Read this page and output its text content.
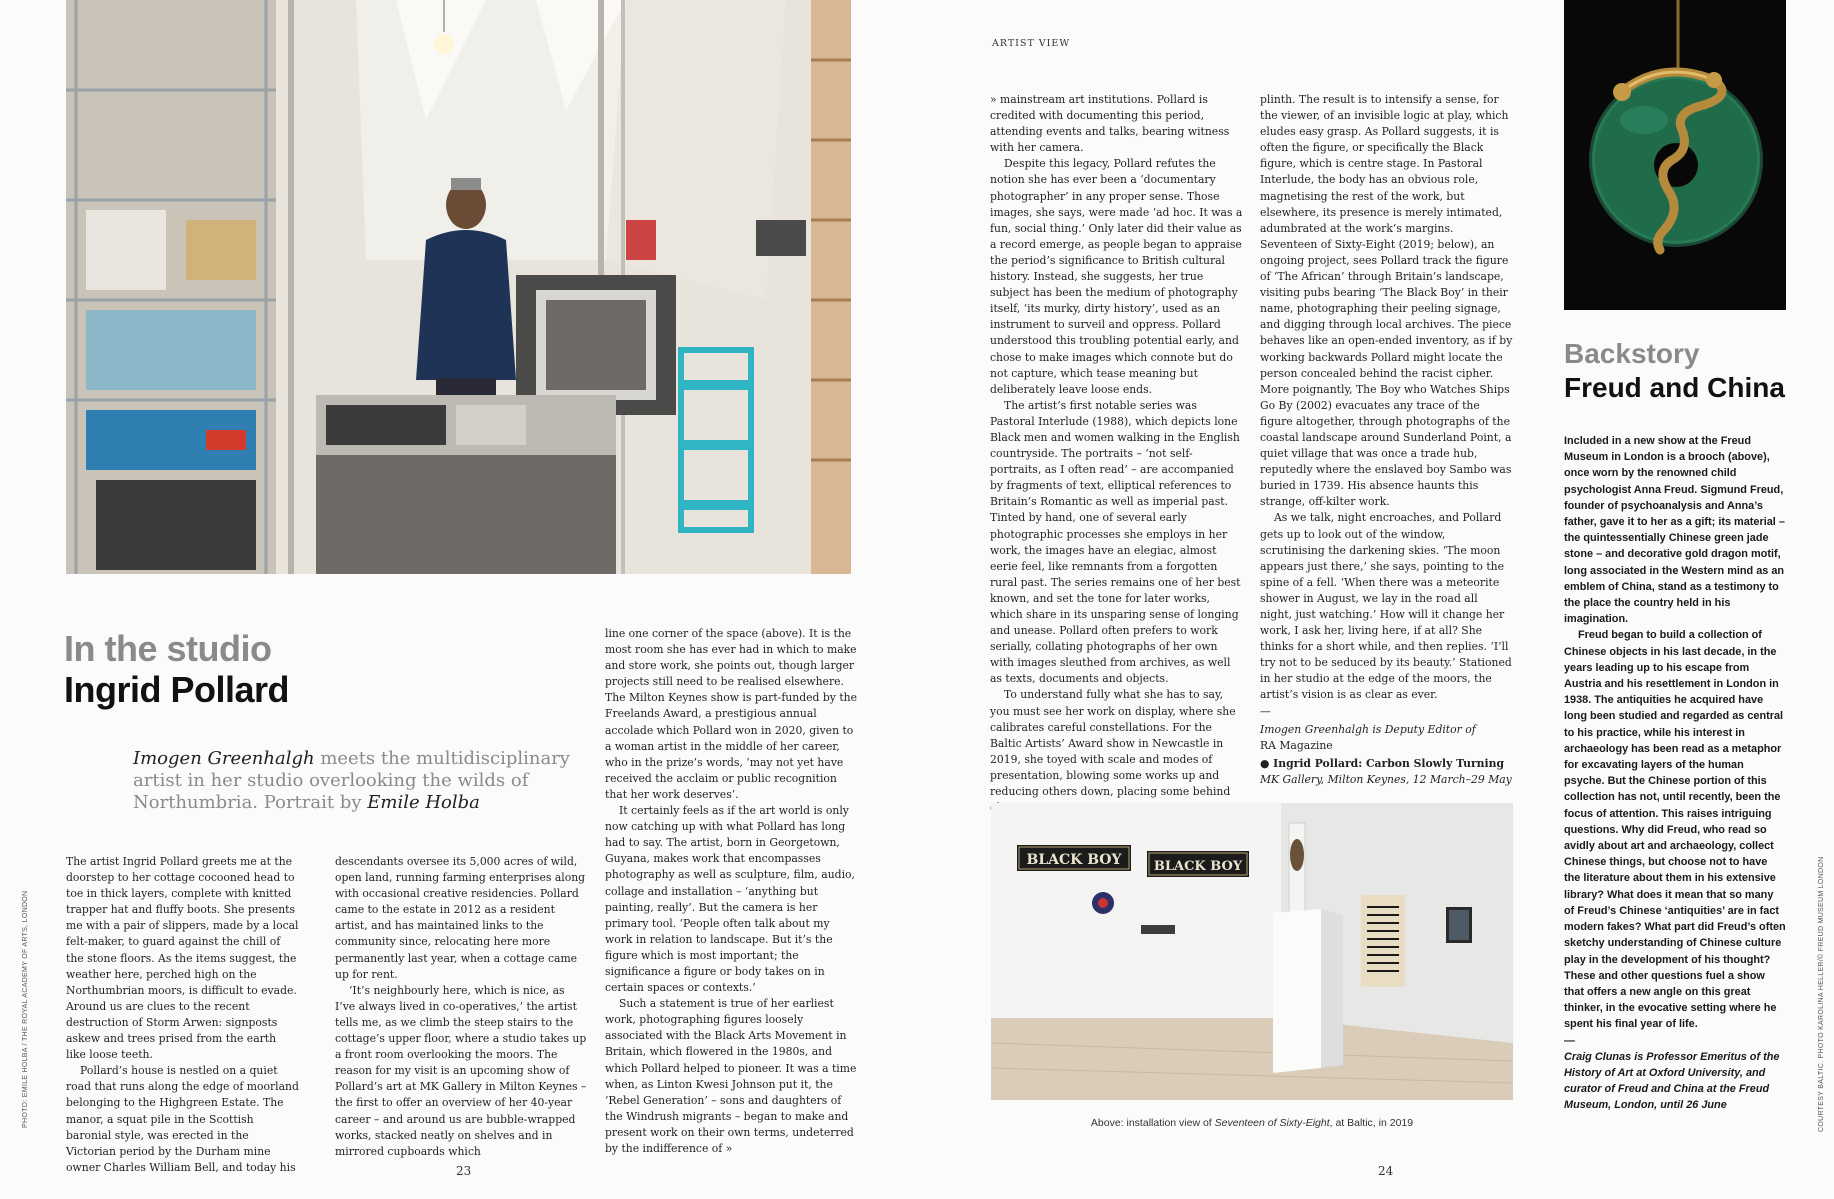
In the studio
Ingrid Pollard
Imogen Greenhalgh meets the multidisciplinary artist in her studio overlooking the wilds of Northumbria. Portrait by Emile Holba

The artist Ingrid Pollard greets me at the doorstep to her cottage cocooned head to toe in thick layers, complete with knitted trapper hat and fluffy boots. She presents me with a pair of slippers, made by a local felt-maker, to guard against the chill of the stone floors. As the items suggest, the weather here, perched high on the Northumbrian moors, is difficult to evade. Around us are clues to the recent destruction of Storm Arwen: signposts askew and trees prised from the earth like loose teeth.

Pollard’s house is nestled on a quiet road that runs along the edge of moorland belonging to the Highgreen Estate. The manor, a squat pile in the Scottish baronial style, was erected in the Victorian period by the Durham mine owner Charles William Bell, and today his

descendants oversee its 5,000 acres of wild, open land, running farming enterprises along with occasional creative residencies. Pollard came to the estate in 2012 as a resident artist, and has maintained links to the community since, relocating here more permanently last year, when a cottage came up for rent.

‘It’s neighbourly here, which is nice, as I’ve always lived in co-operatives,’ the artist tells me, as we climb the steep stairs to the cottage’s upper floor, where a studio takes up a front room overlooking the moors. The reason for my visit is an upcoming show of Pollard’s art at MK Gallery in Milton Keynes – the first to offer an overview of her 40-year career – and around us are bubble-wrapped works, stacked neatly on shelves and in mirrored cupboards which

line one corner of the space (above). It is the most room she has ever had in which to make and store work, she points out, though larger projects still need to be realised elsewhere. The Milton Keynes show is part-funded by the Freelands Award, a prestigious annual accolade which Pollard won in 2020, given to a woman artist in the middle of her career, who in the prize’s words, ‘may not yet have received the acclaim or public recognition that her work deserves’.

It certainly feels as if the art world is only now catching up with what Pollard has long had to say. The artist, born in Georgetown, Guyana, makes work that encompasses photography as well as sculpture, film, audio, collage and installation – ‘anything but painting, really’. But the camera is her primary tool. ‘People often talk about my work in relation to landscape. But it’s the figure which is most important; the significance a figure or body takes on in certain spaces or contexts.’

Such a statement is true of her earliest work, photographing figures loosely associated with the Black Arts Movement in Britain, which flowered in the 1980s, and which Pollard helped to pioneer. It was a time when, as Linton Kwesi Johnson put it, the ‘Rebel Generation’ – sons and daughters of the Windrush migrants – began to make and present work on their own terms, undeterred by the indifference of »

PHOTO: EMILE HOLBA / THE ROYAL ACADEMY OF ARTS, LONDON
23
ARTIST VIEW

» mainstream art institutions. Pollard is credited with documenting this period, attending events and talks, bearing witness with her camera.

Despite this legacy, Pollard refutes the notion she has ever been a ‘documentary photographer’ in any proper sense. Those images, she says, were made ‘ad hoc. It was a fun, social thing.’ Only later did their value as a record emerge, as people began to appraise the period’s significance to British cultural history. Instead, she suggests, her true subject has been the medium of photography itself, ‘its murky, dirty history’, used as an instrument to surveil and oppress. Pollard understood this troubling potential early, and chose to make images which connote but do not capture, which tease meaning but deliberately leave loose ends.

The artist’s first notable series was Pastoral Interlude (1988), which depicts lone Black men and women walking in the English countryside. The portraits – ‘not self-portraits, as I often read’ – are accompanied by fragments of text, elliptical references to Britain’s Romantic as well as imperial past. Tinted by hand, one of several early photographic processes she employs in her work, the images have an elegiac, almost eerie feel, like remnants from a forgotten rural past. The series remains one of her best known, and set the tone for later works, which share in its unsparing sense of longing and unease. Pollard often prefers to work serially, collating photographs of her own with images sleuthed from archives, as well as texts, documents and objects.

To understand fully what she has to say, you must see her work on display, where she calibrates careful constellations. For the Baltic Artists’ Award show in Newcastle in 2019, she toyed with scale and modes of presentation, blowing some works up and reducing others down, placing some behind

plinth. The result is to intensify a sense, for the viewer, of an invisible logic at play, which eludes easy grasp. As Pollard suggests, it is often the figure, or specifically the Black figure, which is centre stage. In Pastoral Interlude, the body has an obvious role, magnetising the rest of the work, but elsewhere, its presence is merely intimated, adumbrated at the work’s margins. Seventeen of Sixty-Eight (2019; below), an ongoing project, sees Pollard track the figure of ‘The African’ through Britain’s landscape, visiting pubs bearing ‘The Black Boy’ in their name, photographing their peeling signage, and digging through local archives. The piece behaves like an open-ended inventory, as if by working backwards Pollard might locate the person concealed behind the racist cipher. More poignantly, The Boy who Watches Ships Go By (2002) evacuates any trace of the figure altogether, through photographs of the coastal landscape around Sunderland Point, a quiet village that was once a trade hub, reputedly where the enslaved boy Sambo was buried in 1739. His absence haunts this strange, off-kilter work.

As we talk, night encroaches, and Pollard gets up to look out of the window, scrutinising the darkening skies. ‘The moon appears just there,’ she says, pointing to the spine of a fell. ‘When there was a meteorite shower in August, we lay in the road all night, just watching.’ How will it change her work, I ask her, living here, if at all? She thinks for a short while, and then replies. ‘I’ll try not to be seduced by its beauty.’ Stationed in her studio at the edge of the moors, the artist’s vision is as clear as ever.

—

Imogen Greenhalgh is Deputy Editor of
RA Magazine

● Ingrid Pollard: Carbon Slowly Turning

MK Gallery, Milton Keynes, 12 March–29 May

BLACK BOY BLACK BOY
Above: installation view of Seventeen of Sixty-Eight, at Baltic, in 2019
24
Backstory
Freud and China

Included in a new show at the Freud Museum in London is a brooch (above), once worn by the renowned child psychologist Anna Freud. Sigmund Freud, founder of psychoanalysis and Anna’s father, gave it to her as a gift; its material – the quintessentially Chinese green jade stone – and decorative gold dragon motif, long associated in the Western mind as an emblem of China, stand as a testimony to the place the country held in his imagination.

Freud began to build a collection of Chinese objects in his last decade, in the years leading up to his escape from Austria and his resettlement in London in 1938. The antiquities he acquired have long been studied and regarded as central to his practice, while his interest in archaeology has been read as a metaphor for excavating layers of the human psyche. But the Chinese portion of this collection has not, until recently, been the focus of attention. This raises intriguing questions. Why did Freud, who read so avidly about art and archaeology, collect Chinese things, but choose not to have the literature about them in his extensive library? What does it mean that so many of Freud’s Chinese ‘antiquities’ are in fact modern fakes? What part did Freud’s often sketchy understanding of Chinese culture play in the development of his thought? These and other questions fuel a show that offers a new angle on this great thinker, in the evocative setting where he spent his final year of life.

—

Craig Clunas is Professor Emeritus of the History of Art at Oxford University, and curator of Freud and China at the Freud Museum, London, until 26 June	COURTESY BALTIC. PHOTO KAROLINA HELLER/© FREUD MUSEUM LONDON
